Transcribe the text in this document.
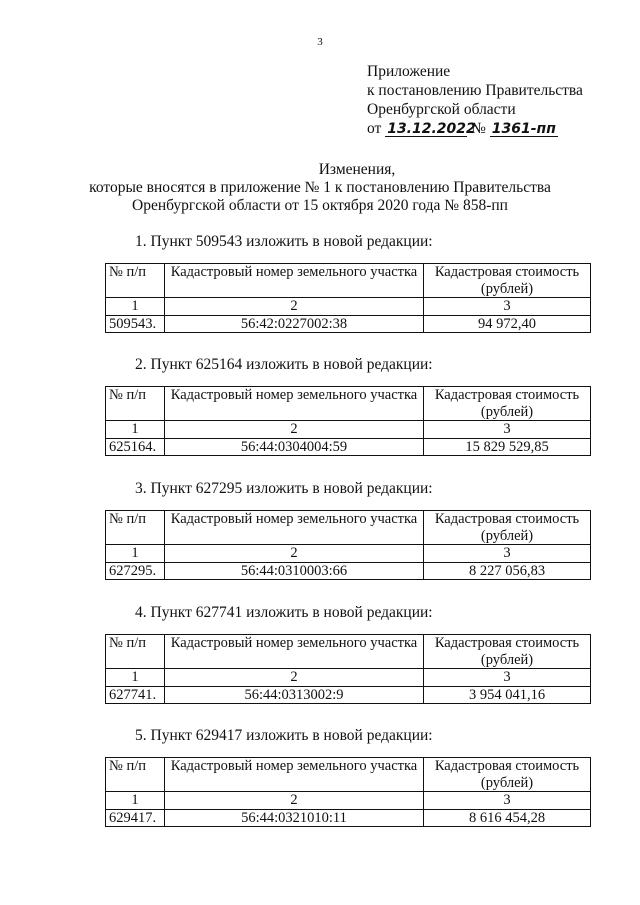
3
Приложение
к постановлению Правительства
Оренбургской области
от 13.12.2022 № 1361-пп
Изменения,
которые вносятся в приложение № 1 к постановлению Правительства
Оренбургской области от 15 октября 2020 года № 858-пп
1. Пункт 509543 изложить в новой редакции:
№ п/п	Кадастровый номер земельного участка	Кадастровая стоимость
(рублей)
1	2	3
509543.	56:42:0227002:38	94 972,40
2. Пункт 625164 изложить в новой редакции:
№ п/п	Кадастровый номер земельного участка	Кадастровая стоимость
(рублей)
1	2	3
625164.	56:44:0304004:59	15 829 529,85
3. Пункт 627295 изложить в новой редакции:
№ п/п	Кадастровый номер земельного участка	Кадастровая стоимость
(рублей)
1	2	3
627295.	56:44:0310003:66	8 227 056,83
4. Пункт 627741 изложить в новой редакции:
№ п/п	Кадастровый номер земельного участка	Кадастровая стоимость
(рублей)
1	2	3
627741.	56:44:0313002:9	3 954 041,16
5. Пункт 629417 изложить в новой редакции:
№ п/п	Кадастровый номер земельного участка	Кадастровая стоимость
(рублей)
1	2	3
629417.	56:44:0321010:11	8 616 454,28
